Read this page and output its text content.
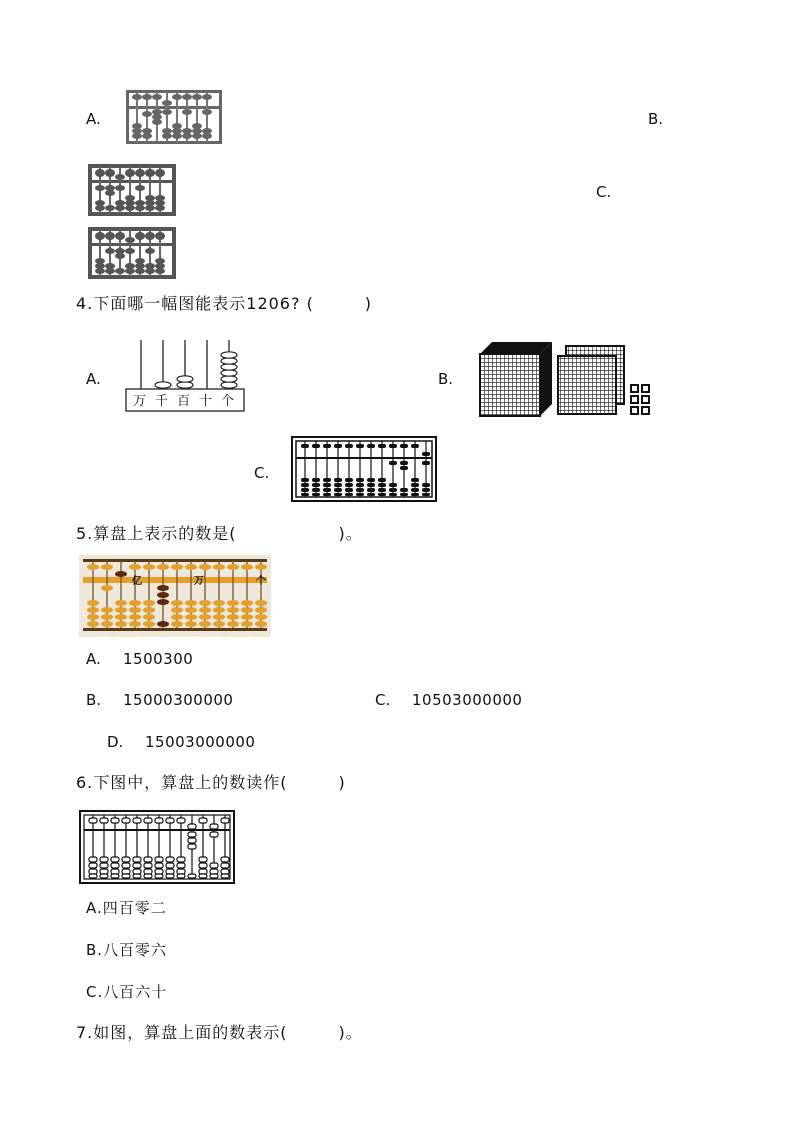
A.	B.
C.
4.下面哪一幅图能表示1206? (　　　)
A.
万 千 百 十 个
B.
C.
5.算盘上表示的数是(　　　　　　)。
亿	万	个
A. 1500300
B. 15000300000	C. 10503000000
D. 15003000000
6.下图中，算盘上的数读作(　　　)
A.四百零二
B.八百零六
C.八百六十
7.如图，算盘上面的数表示(　　　)。
